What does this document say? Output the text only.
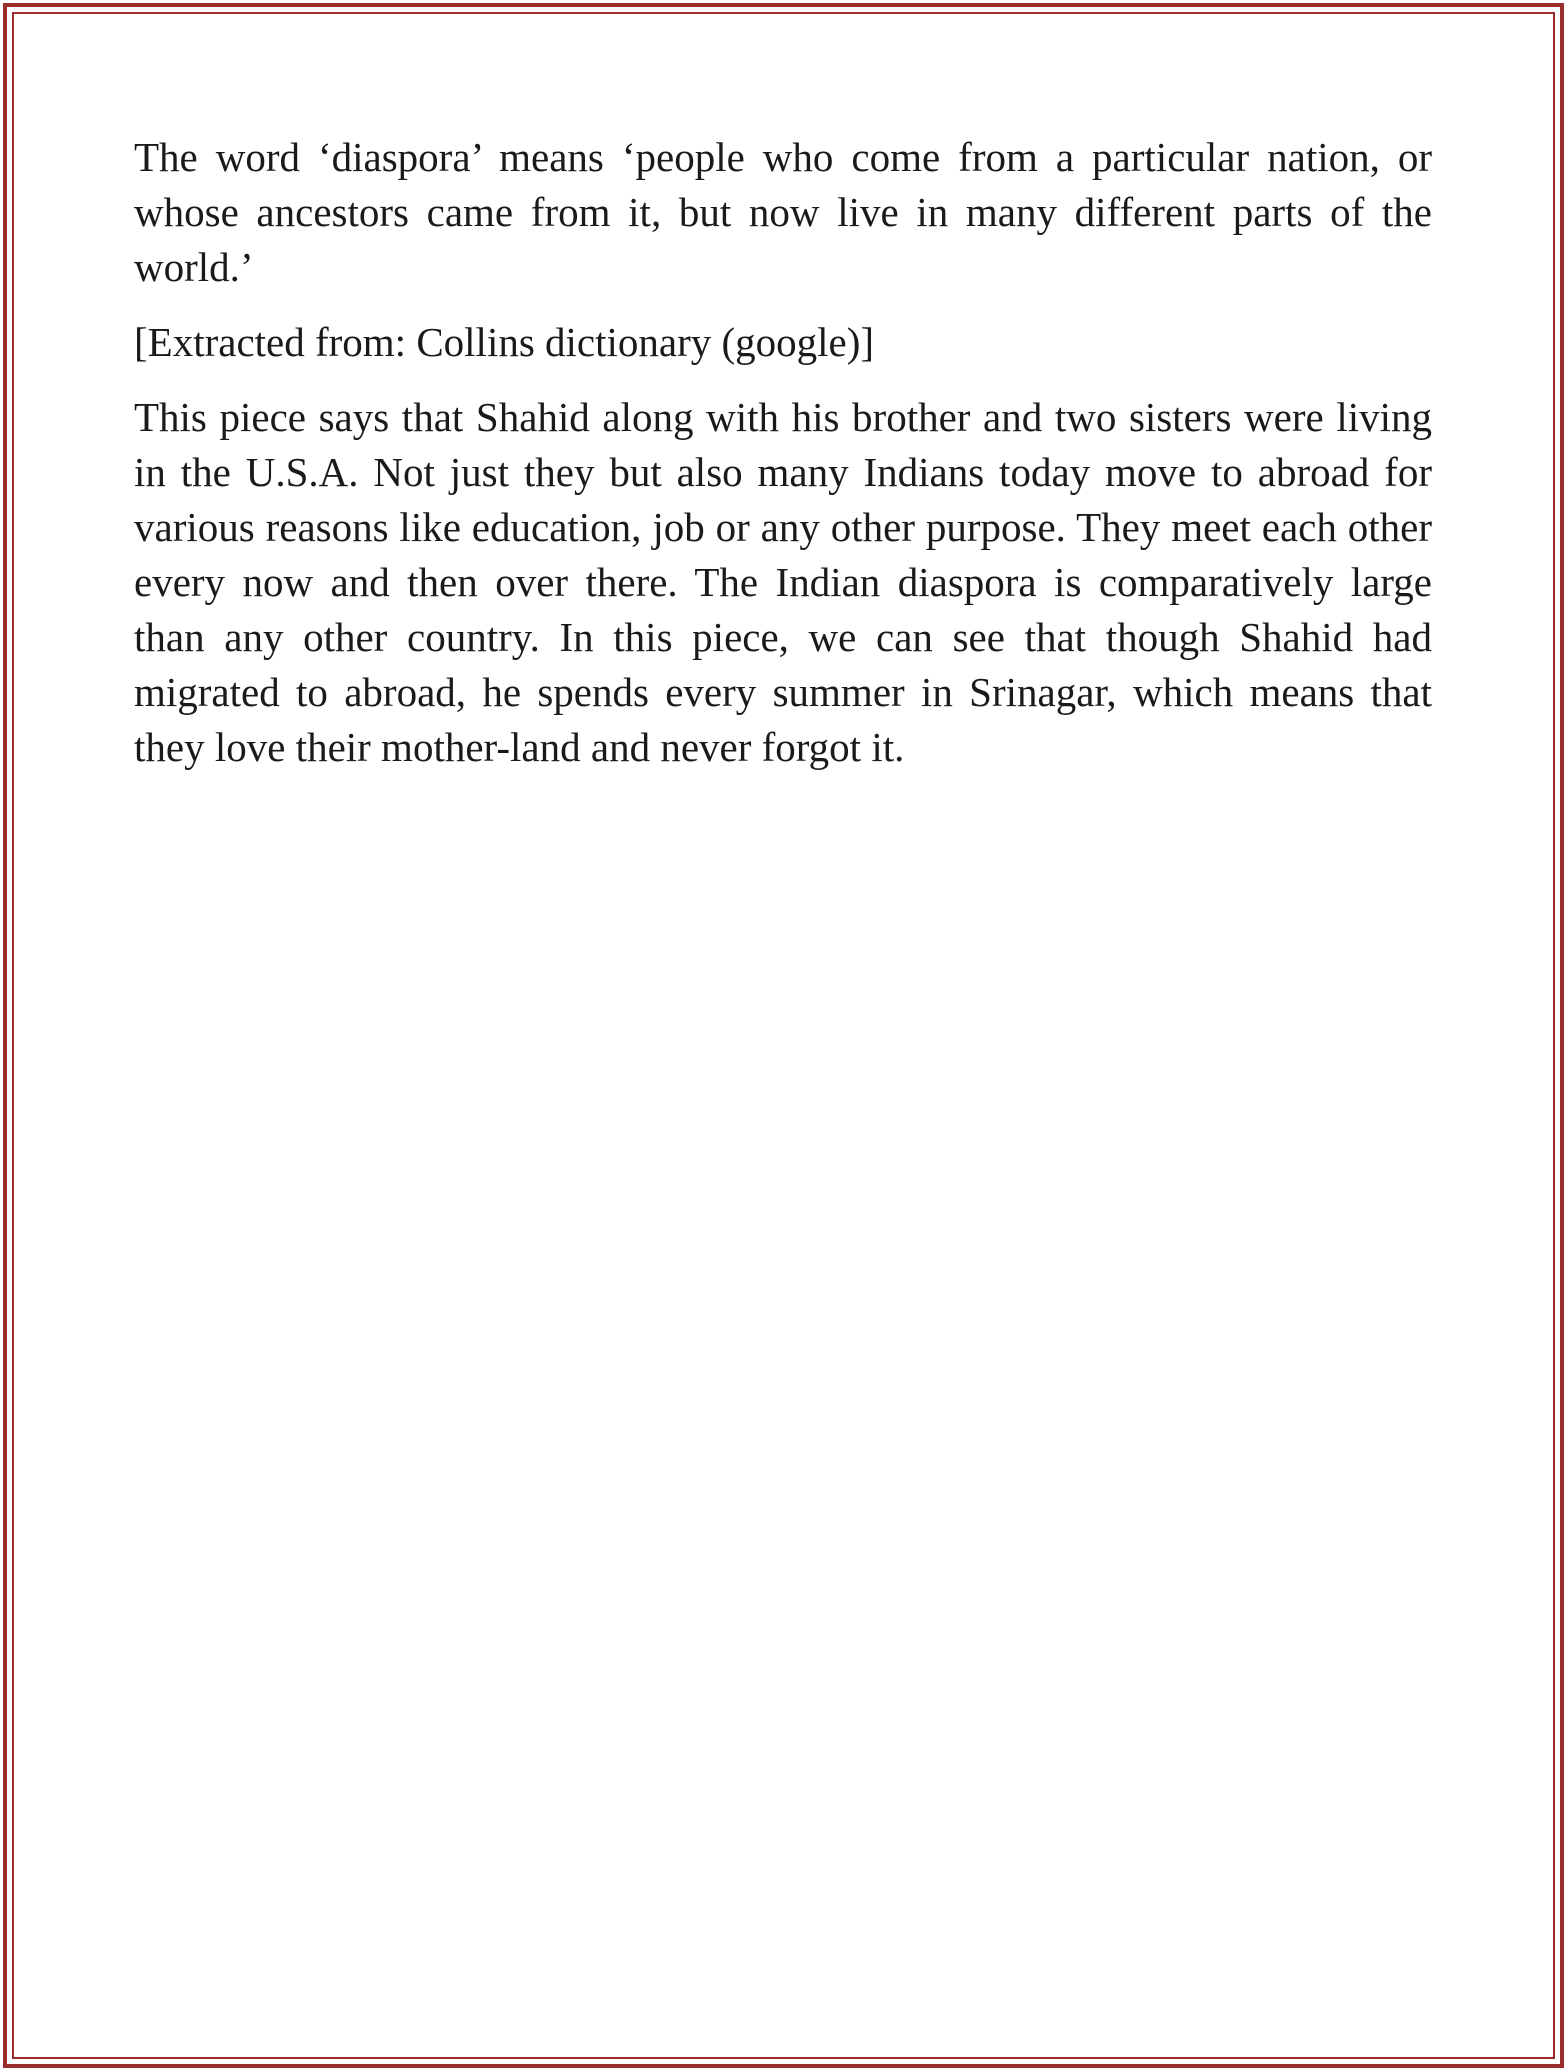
The word ‘diaspora’ means ‘people who come from a particular nation, or whose ancestors came from it, but now live in many different parts of the world.’

[Extracted from: Collins dictionary (google)]

This piece says that Shahid along with his brother and two sisters were living in the U.S.A. Not just they but also many Indians today move to abroad for various reasons like education, job or any other purpose. They meet each other every now and then over there. The Indian diaspora is comparatively large than any other country. In this piece, we can see that though Shahid had migrated to abroad, he spends every summer in Srinagar, which means that they love their mother-land and never forgot it.
